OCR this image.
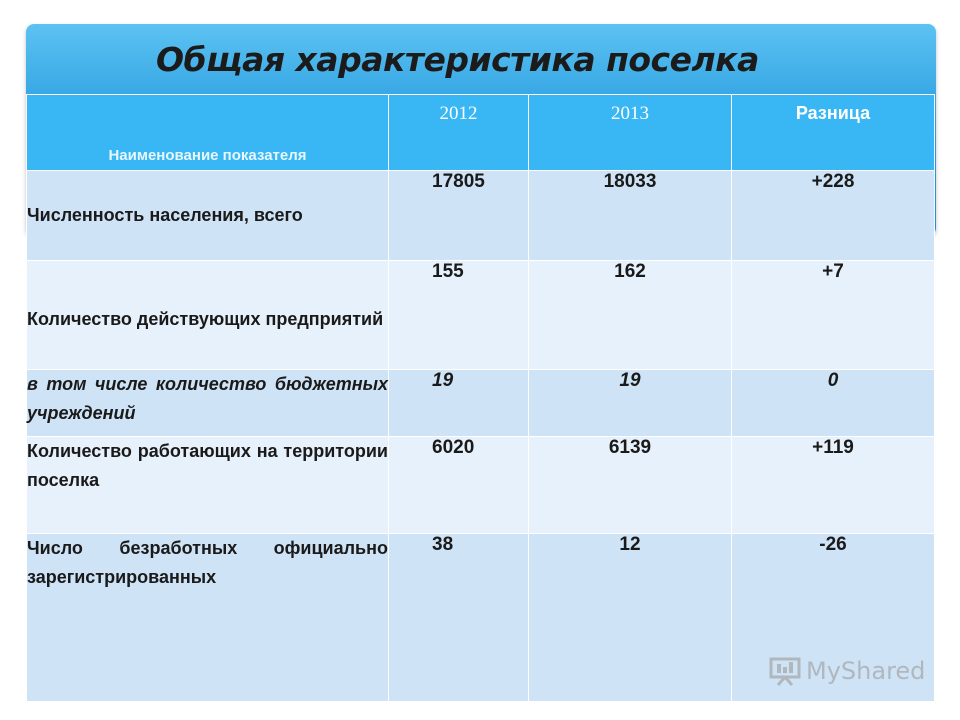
Общая характеристика поселка
Наименование показателя	2012	2013	Разница
Численность населения, всего	17805	18033	+228
Количество действующих предприятий	155	162	+7
в том числе количество бюджетных учреждений	19	19	0
Количество работающих на территории поселка	6020	6139	+119
Число безработных официально зарегистрированных	38	12	-26
MyShared
